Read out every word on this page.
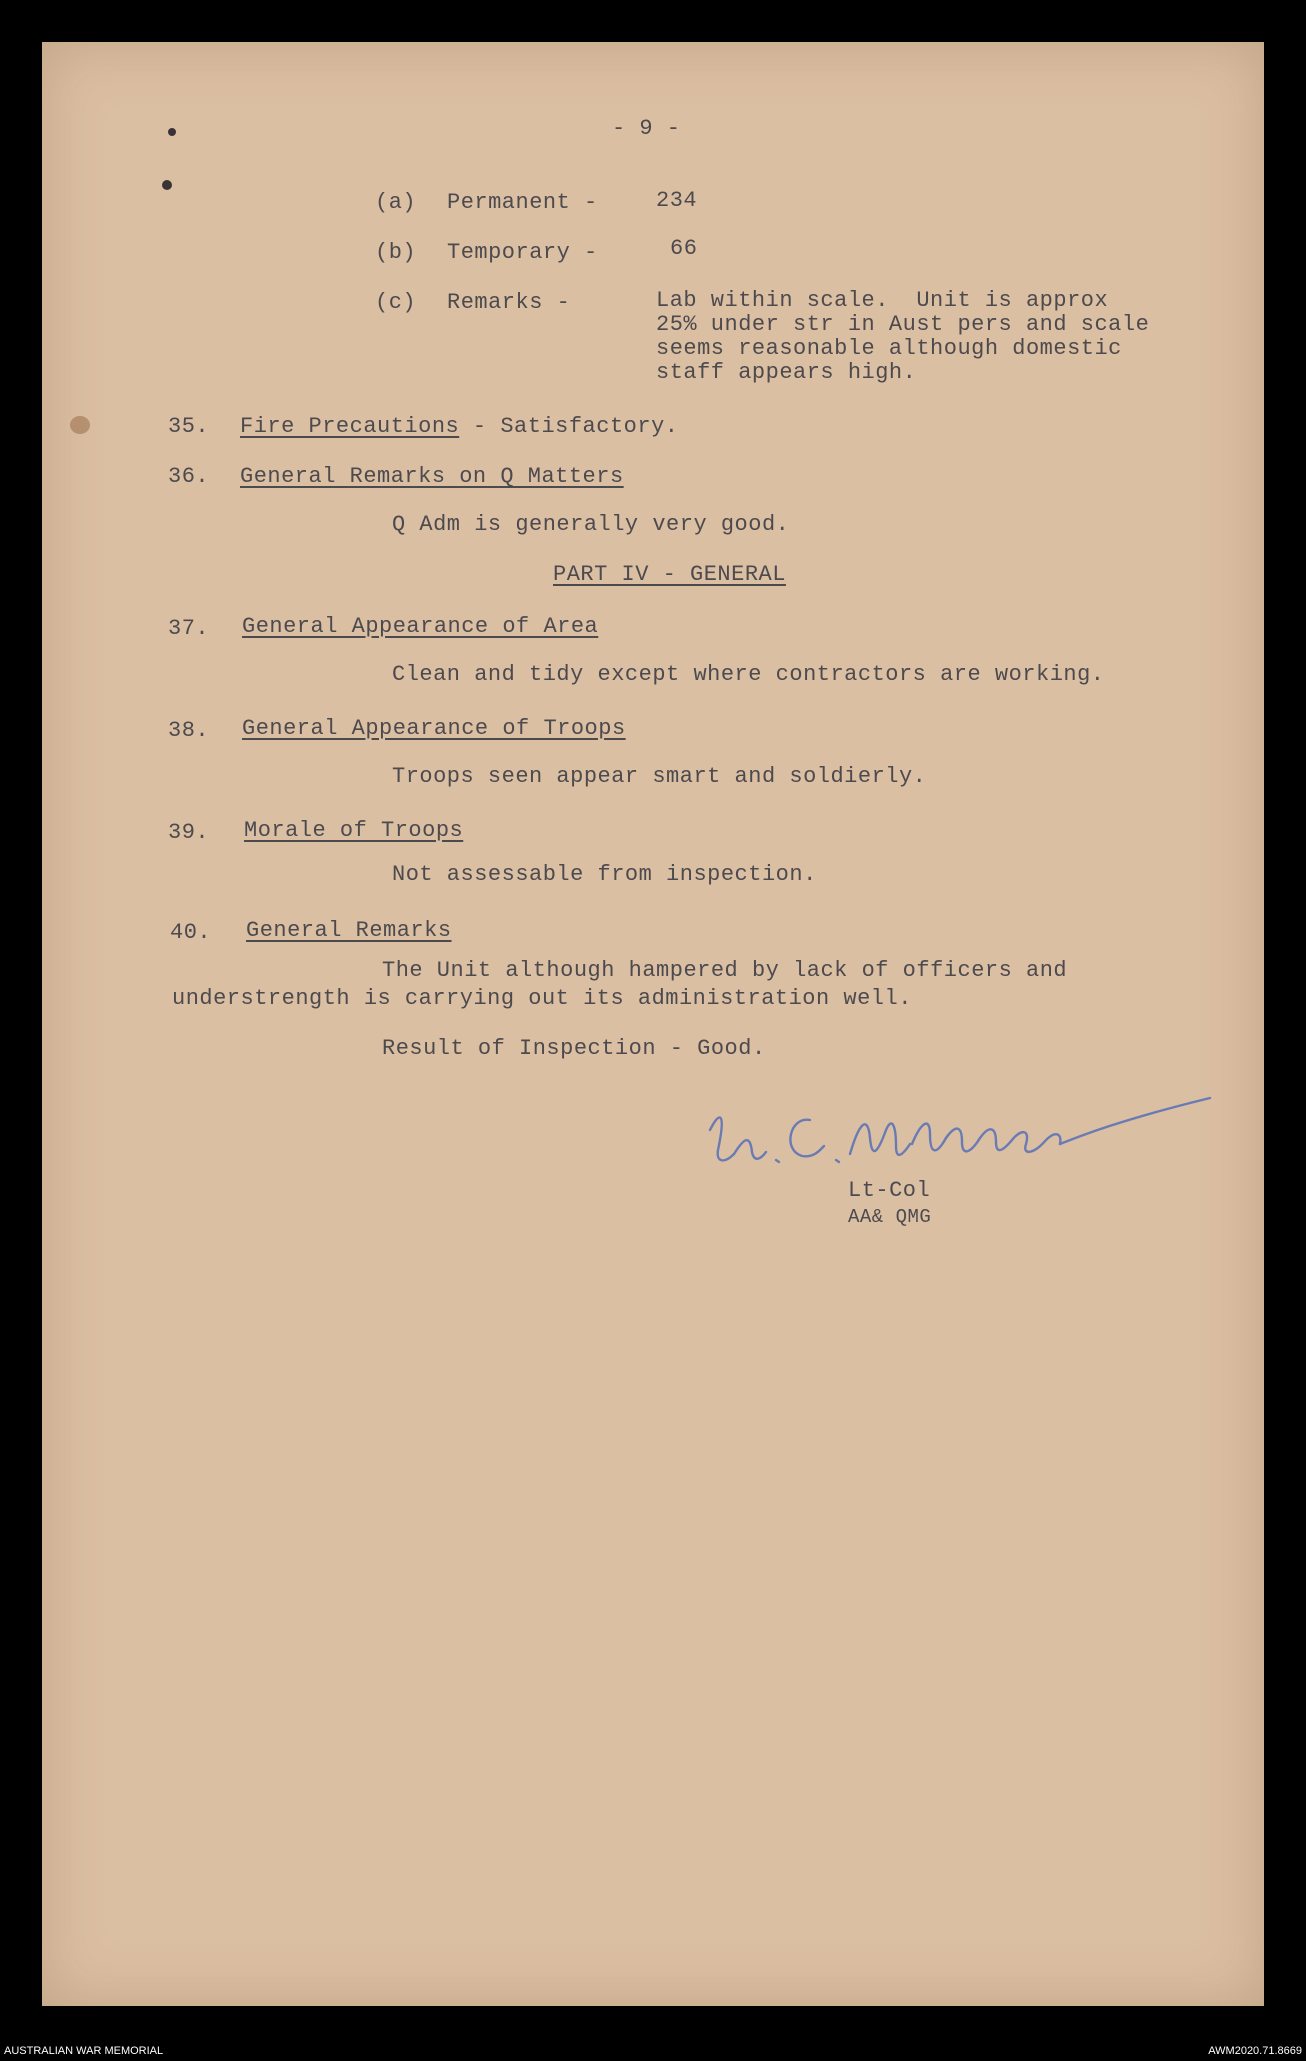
- 9 -
(a) Permanent -	234
(b) Temporary -	66
(c) Remarks -	Lab within scale.  Unit is approx
25% under str in Aust pers and scale
seems reasonable although domestic
staff appears high.
35. Fire Precautions - Satisfactory.
36. General Remarks on Q Matters
Q Adm is generally very good.
PART IV - GENERAL
37. General Appearance of Area
Clean and tidy except where contractors are working.
38. General Appearance of Troops
Troops seen appear smart and soldierly.
39. Morale of Troops
Not assessable from inspection.
40. General Remarks
The Unit although hampered by lack of officers and
understrength is carrying out its administration well.
Result of Inspection - Good.
Lt-Col
AA& QMG
AUSTRALIAN WAR MEMORIAL	AWM2020.71.8669
